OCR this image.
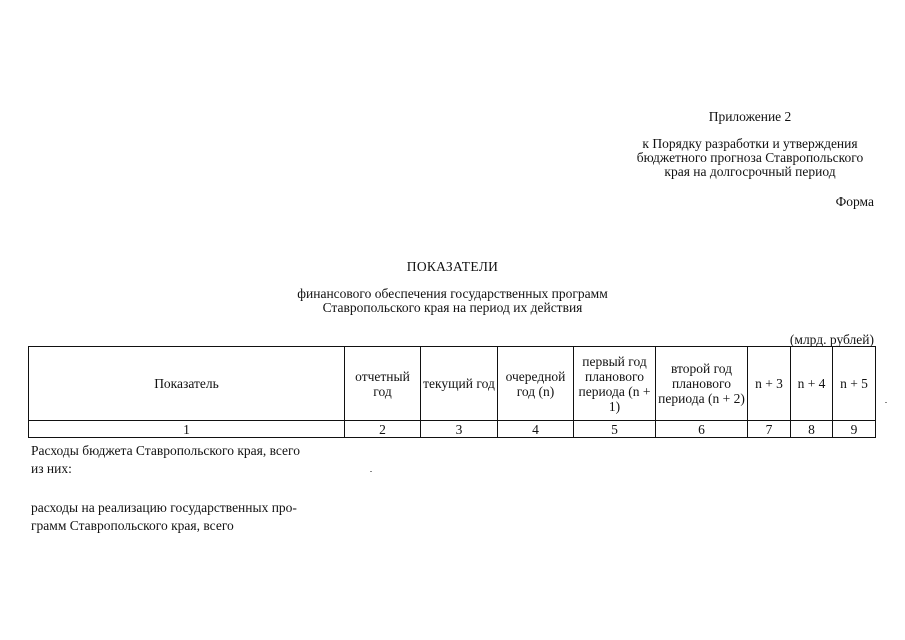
Приложение 2
к Порядку разработки и утверждения
бюджетного прогноза Ставропольского
края на долгосрочный период
Форма
ПОКАЗАТЕЛИ
финансового обеспечения государственных программ
Ставропольского края на период их действия
(млрд. рублей)
Показатель	отчетный год	текущий год	очередной год (n)	первый год планового периода (n + 1)	второй год планового периода (n + 2)	n + 3	n + 4	n + 5
1	2	3	4	5	6	7	8	9
Расходы бюджета Ставропольского края, всего
из них:
расходы на реализацию государственных про-
грамм Ставропольского края, всего
